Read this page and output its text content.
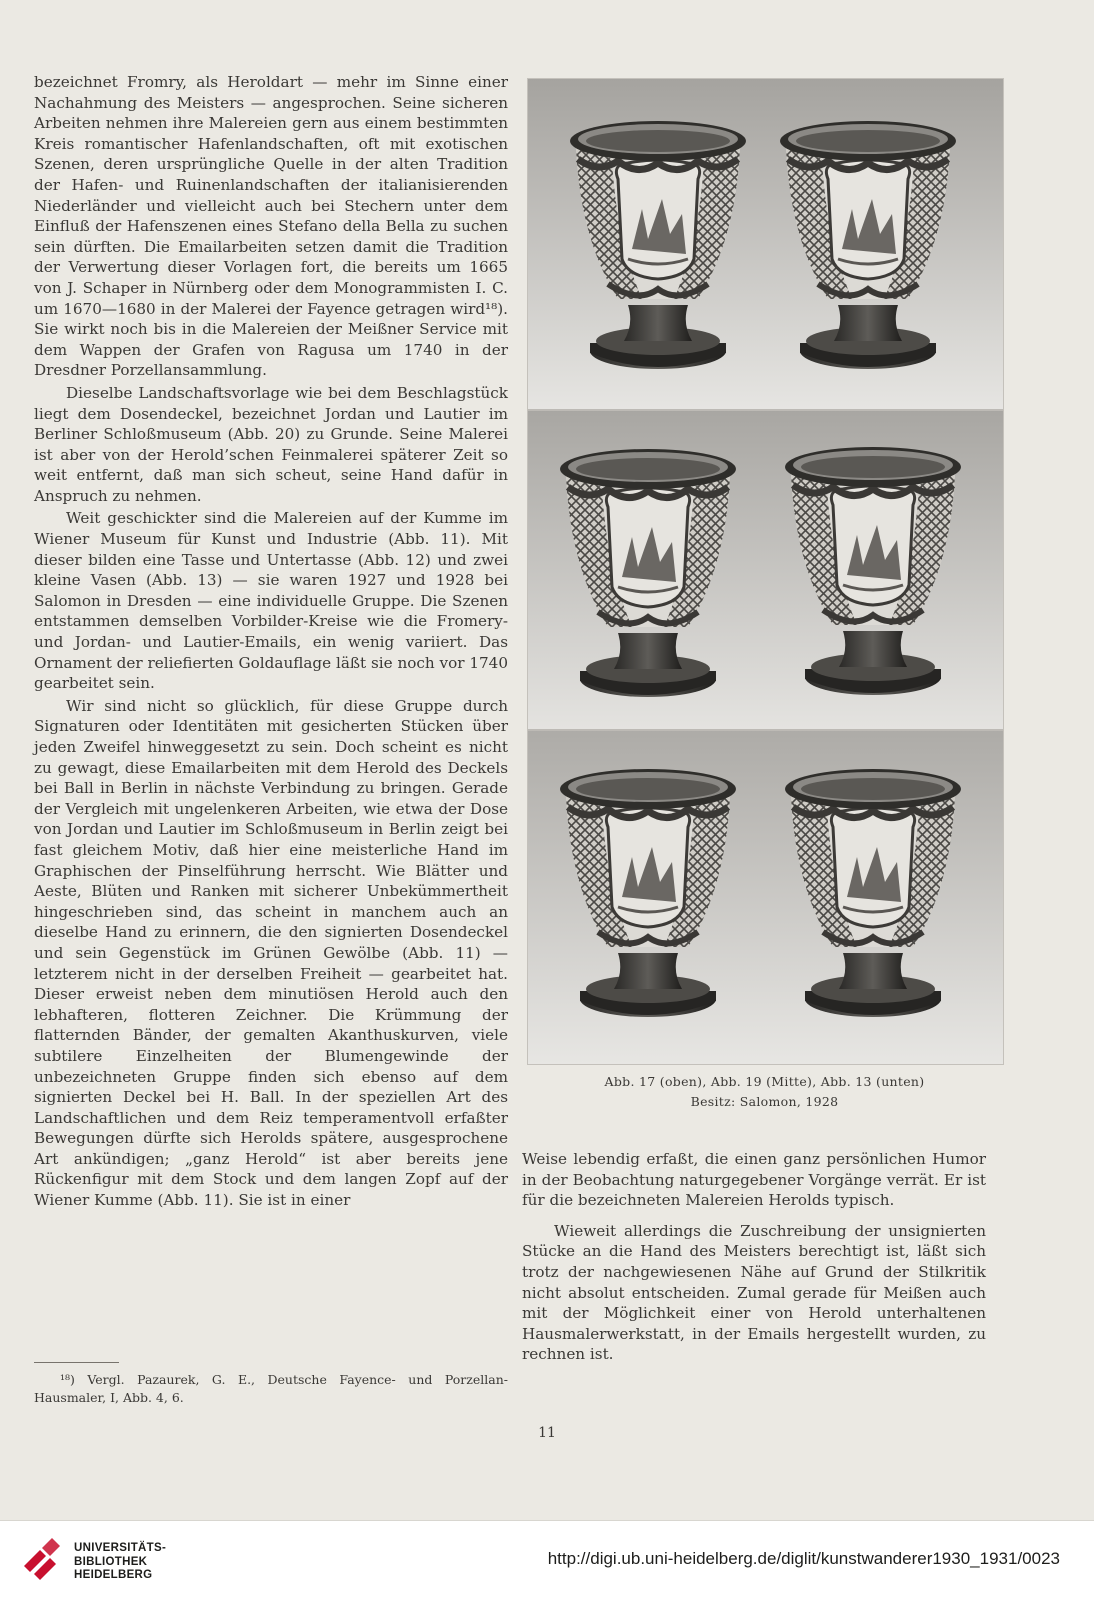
bezeichnet Fromry, als Heroldart — mehr im Sinne einer Nachahmung des Meisters — angesprochen. Seine sicheren Arbeiten nehmen ihre Malereien gern aus einem bestimmten Kreis romantischer Hafenlandschaften, oft mit exotischen Szenen, deren ursprüngliche Quelle in der alten Tradition der Hafen- und Ruinenlandschaften der italianisierenden Niederländer und vielleicht auch bei Stechern unter dem Einfluß der Hafenszenen eines Stefano della Bella zu suchen sein dürften. Die Emailarbeiten setzen damit die Tradition der Verwertung dieser Vorlagen fort, die bereits um 1665 von J. Schaper in Nürnberg oder dem Monogrammisten I. C. um 1670—1680 in der Malerei der Fayence getragen wird¹⁸). Sie wirkt noch bis in die Malereien der Meißner Service mit dem Wappen der Grafen von Ragusa um 1740 in der Dresdner Porzellansammlung.

Dieselbe Landschaftsvorlage wie bei dem Beschlagstück liegt dem Dosendeckel, bezeichnet Jordan und Lautier im Berliner Schloßmuseum (Abb. 20) zu Grunde. Seine Malerei ist aber von der Herold’schen Feinmalerei späterer Zeit so weit entfernt, daß man sich scheut, seine Hand dafür in Anspruch zu nehmen.

Weit geschickter sind die Malereien auf der Kumme im Wiener Museum für Kunst und Industrie (Abb. 11). Mit dieser bilden eine Tasse und Untertasse (Abb. 12) und zwei kleine Vasen (Abb. 13) — sie waren 1927 und 1928 bei Salomon in Dresden — eine individuelle Gruppe. Die Szenen entstammen demselben Vorbilder-Kreise wie die Fromery- und Jordan- und Lautier-Emails, ein wenig variiert. Das Ornament der reliefierten Goldauflage läßt sie noch vor 1740 gearbeitet sein.

Wir sind nicht so glücklich, für diese Gruppe durch Signaturen oder Identitäten mit gesicherten Stücken über jeden Zweifel hinweggesetzt zu sein. Doch scheint es nicht zu gewagt, diese Emailarbeiten mit dem Herold des Deckels bei Ball in Berlin in nächste Verbindung zu bringen. Gerade der Vergleich mit ungelenkeren Arbeiten, wie etwa der Dose von Jordan und Lautier im Schloßmuseum in Berlin zeigt bei fast gleichem Motiv, daß hier eine meisterliche Hand im Graphischen der Pinselführung herrscht. Wie Blätter und Aeste, Blüten und Ranken mit sicherer Unbekümmertheit hingeschrieben sind, das scheint in manchem auch an dieselbe Hand zu erinnern, die den signierten Dosendeckel und sein Gegenstück im Grünen Gewölbe (Abb. 11) — letzterem nicht in der derselben Freiheit — gearbeitet hat. Dieser erweist neben dem minutiösen Herold auch den lebhafteren, flotteren Zeichner. Die Krümmung der flatternden Bänder, der gemalten Akanthuskurven, viele subtilere Einzelheiten der Blumengewinde der unbezeichneten Gruppe finden sich ebenso auf dem signierten Deckel bei H. Ball. In der speziellen Art des Landschaftlichen und dem Reiz temperamentvoll erfaßter Bewegungen dürfte sich Herolds spätere, ausgesprochene Art ankündigen; „ganz Herold“ ist aber bereits jene Rückenfigur mit dem Stock und dem langen Zopf auf der Wiener Kumme (Abb. 11). Sie ist in einer

¹⁸) Vergl. Pazaurek, G. E., Deutsche Fayence- und Porzellan-Hausmaler, I, Abb. 4, 6.
Abb. 17 (oben), Abb. 19 (Mitte), Abb. 13 (unten)
Besitz: Salomon, 1928

Weise lebendig erfaßt, die einen ganz persönlichen Humor in der Beobachtung naturgegebener Vorgänge verrät. Er ist für die bezeichneten Malereien Herolds typisch.

Wieweit allerdings die Zuschreibung der unsignierten Stücke an die Hand des Meisters berechtigt ist, läßt sich trotz der nachgewiesenen Nähe auf Grund der Stilkritik nicht absolut entscheiden. Zumal gerade für Meißen auch mit der Möglichkeit einer von Herold unterhaltenen Hausmalerwerkstatt, in der Emails hergestellt wurden, zu rechnen ist.

11
UNIVERSITÄTS-
BIBLIOTHEK
HEIDELBERG
http://digi.ub.uni-heidelberg.de/diglit/kunstwanderer1930_1931/0023
